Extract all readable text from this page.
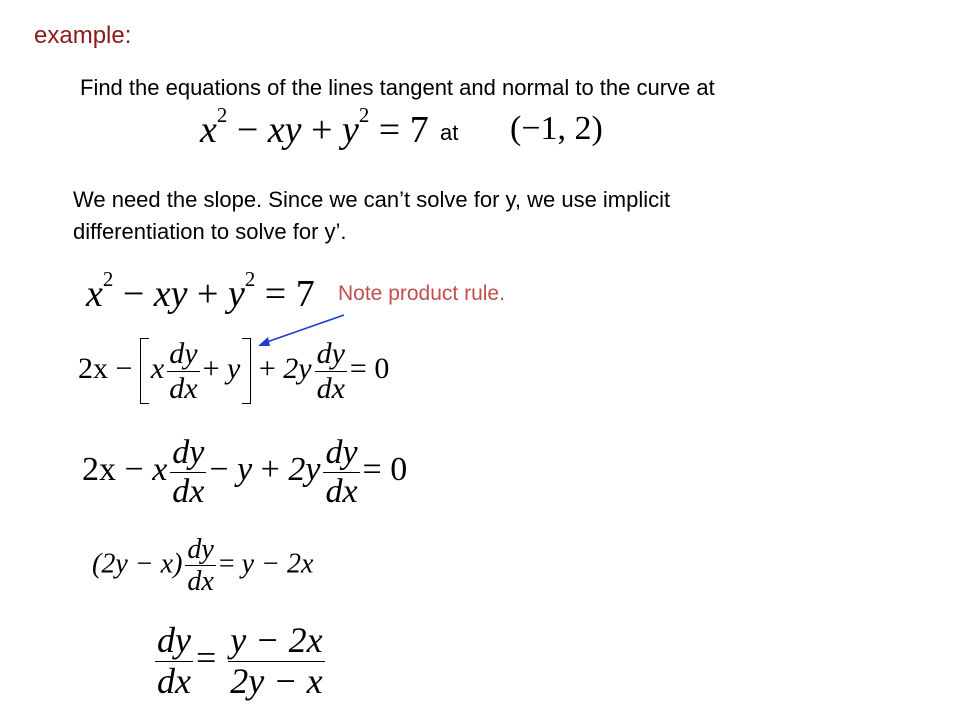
example:
Find the equations of the lines tangent and normal to the curve at
$x^2$ − xy + $y^2 = 7$ at (−1, 2)
We need the slope. Since we can’t solve for y, we use implicit
differentiation to solve for y’.
Note product rule.
$x^2$ − xy + $y^2 = 7$
2x − x $\frac{dy}{dx} + y + 2y \frac{dy}{dx} = 0$
2x − x $\frac{dy}{dx} - y + 2y \frac{dy}{dx} = 0$
$(2y - x) \frac{dy}{dx} = y - 2x$
$\frac{dy}{dx} = \frac{y - 2x}{2y - x}$
